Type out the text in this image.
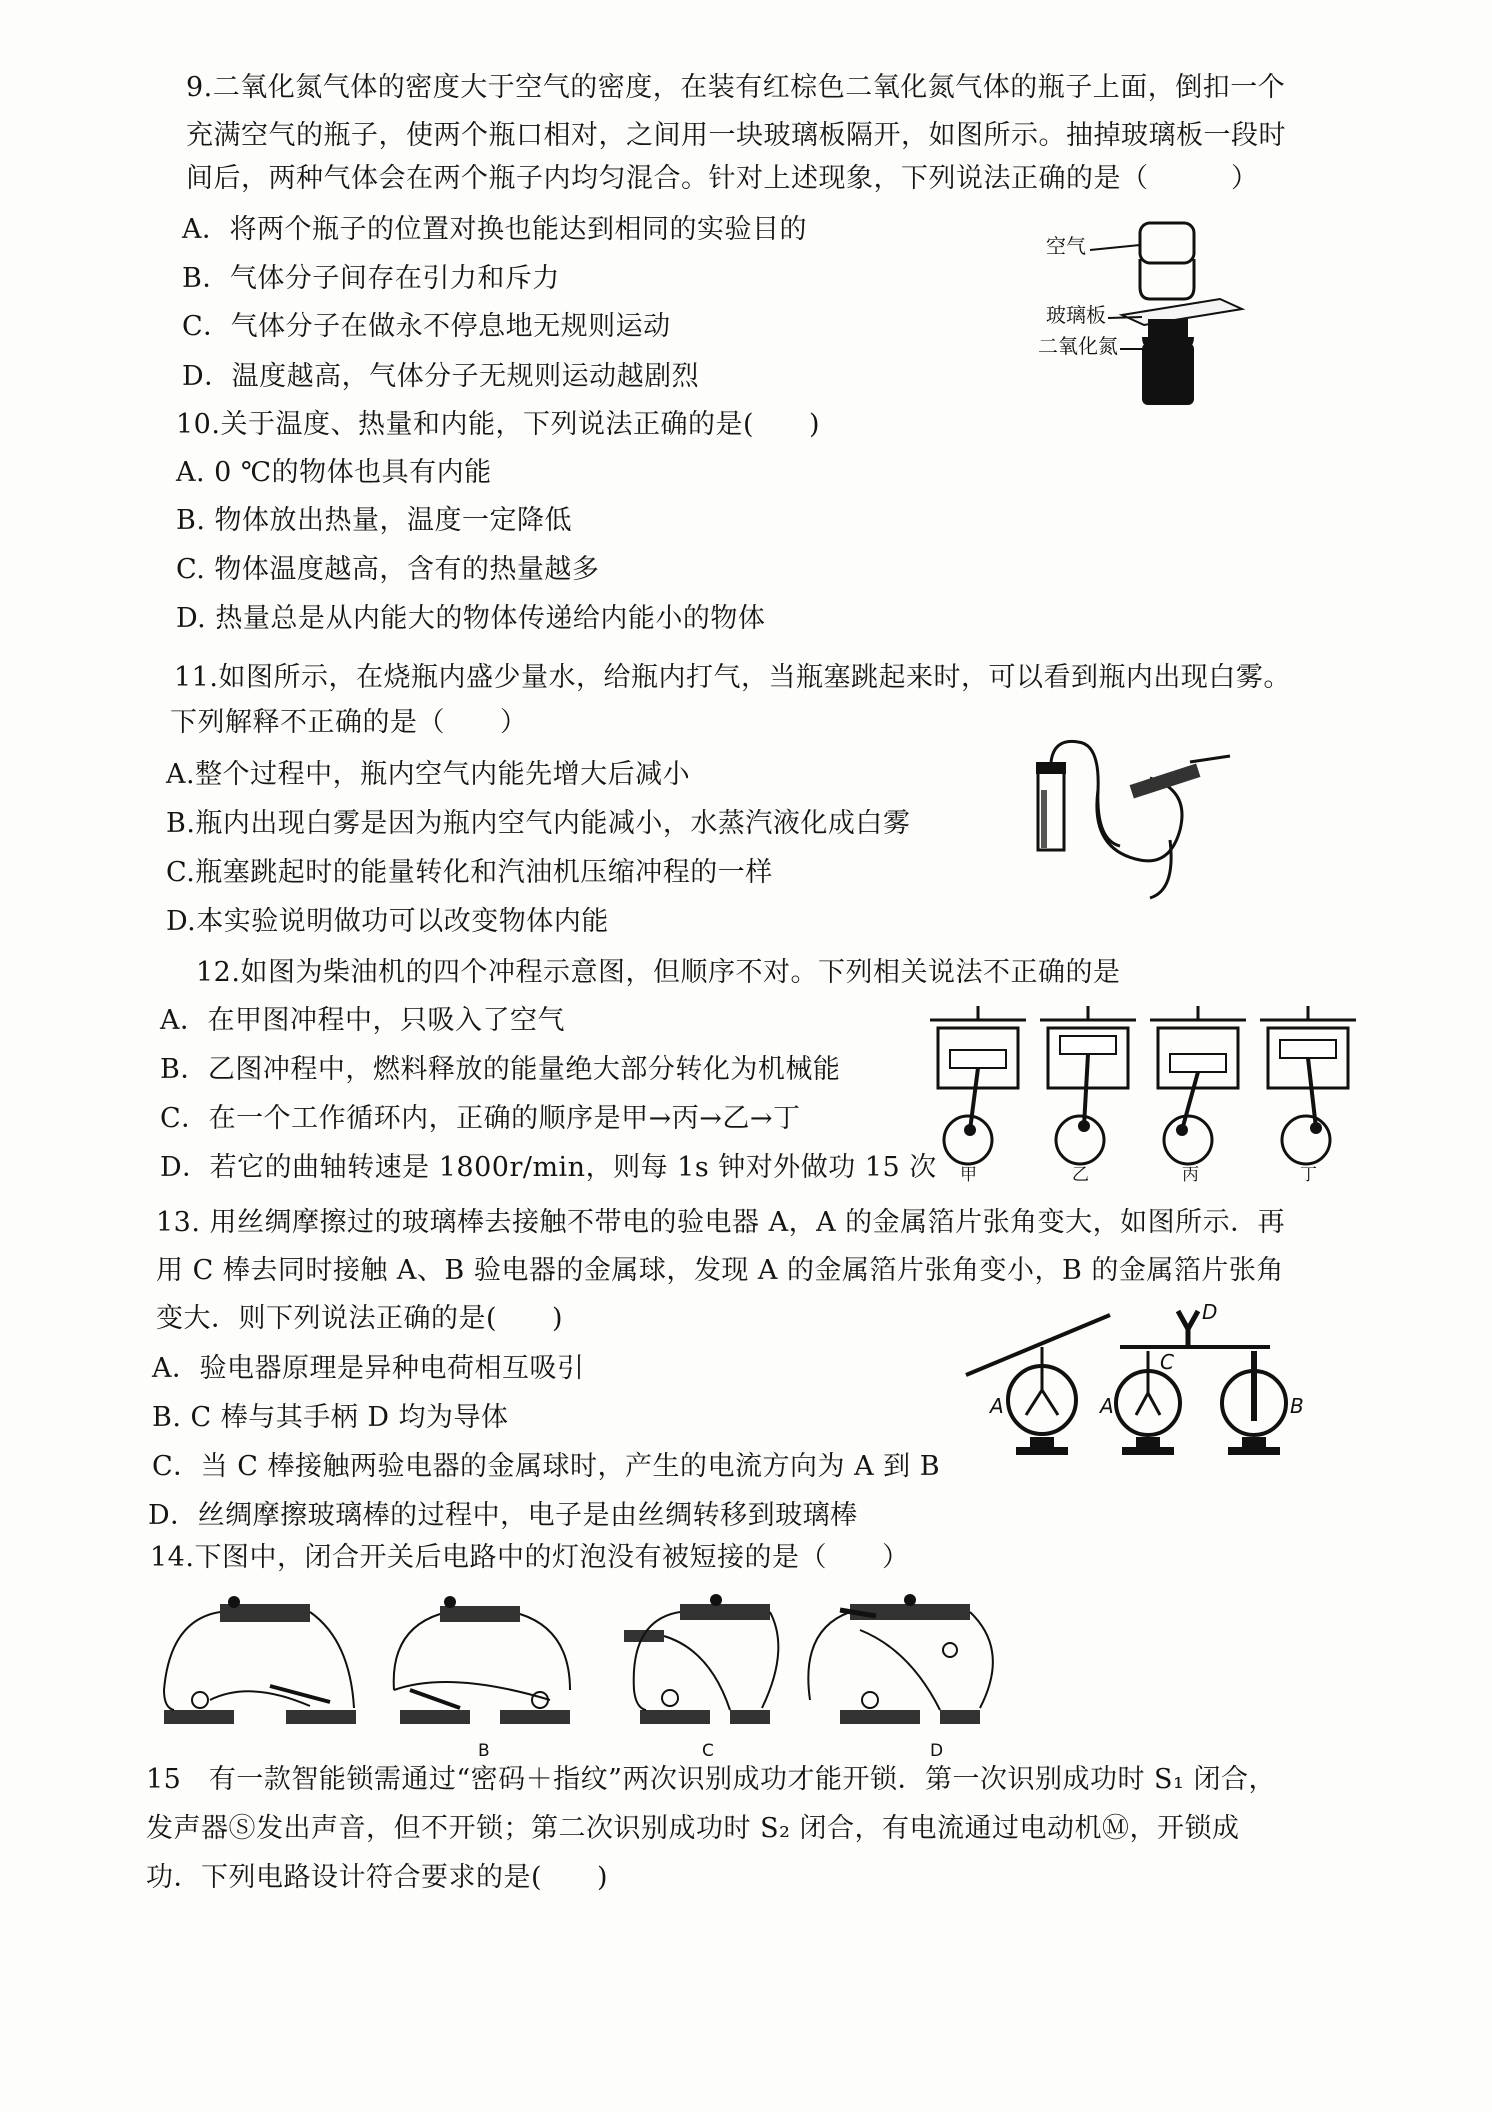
9.二氧化氮气体的密度大于空气的密度，在装有红棕色二氧化氮气体的瓶子上面，倒扣一个
充满空气的瓶子，使两个瓶口相对，之间用一块玻璃板隔开，如图所示。抽掉玻璃板一段时
间后，两种气体会在两个瓶子内均匀混合。针对上述现象，下列说法正确的是（　　　）
A．将两个瓶子的位置对换也能达到相同的实验目的
B．气体分子间存在引力和斥力
C．气体分子在做永不停息地无规则运动
D．温度越高，气体分子无规则运动越剧烈
空气
玻璃板
二氧化氮
10.关于温度、热量和内能，下列说法正确的是(　　)
A. 0 ℃的物体也具有内能
B. 物体放出热量，温度一定降低
C. 物体温度越高，含有的热量越多
D. 热量总是从内能大的物体传递给内能小的物体
11.如图所示，在烧瓶内盛少量水，给瓶内打气，当瓶塞跳起来时，可以看到瓶内出现白雾。
下列解释不正确的是（　　）
A.整个过程中，瓶内空气内能先增大后减小
B.瓶内出现白雾是因为瓶内空气内能减小，水蒸汽液化成白雾
C.瓶塞跳起时的能量转化和汽油机压缩冲程的一样
D.本实验说明做功可以改变物体内能
12.如图为柴油机的四个冲程示意图，但顺序不对。下列相关说法不正确的是
A．在甲图冲程中，只吸入了空气
B．乙图冲程中，燃料释放的能量绝大部分转化为机械能
C．在一个工作循环内，正确的顺序是甲→丙→乙→丁
D．若它的曲轴转速是 1800r/min，则每 1s 钟对外做功 15 次 甲	乙	丙	丁
13. 用丝绸摩擦过的玻璃棒去接触不带电的验电器 A，A 的金属箔片张角变大，如图所示．再
用 C 棒去同时接触 A、B 验电器的金属球，发现 A 的金属箔片张角变小，B 的金属箔片张角
变大．则下列说法正确的是(　　)
A．验电器原理是异种电荷相互吸引
B. C 棒与其手柄 D 均为导体
C．当 C 棒接触两验电器的金属球时，产生的电流方向为 A 到 B
D．丝绸摩擦玻璃棒的过程中，电子是由丝绸转移到玻璃棒
A
D
C
A	B
14.下图中，闭合开关后电路中的灯泡没有被短接的是（　　）
B	C	D
15　有一款智能锁需通过“密码＋指纹”两次识别成功才能开锁．第一次识别成功时 S₁ 闭合，
发声器Ⓢ发出声音，但不开锁；第二次识别成功时 S₂ 闭合，有电流通过电动机Ⓜ，开锁成
功．下列电路设计符合要求的是(　　)
